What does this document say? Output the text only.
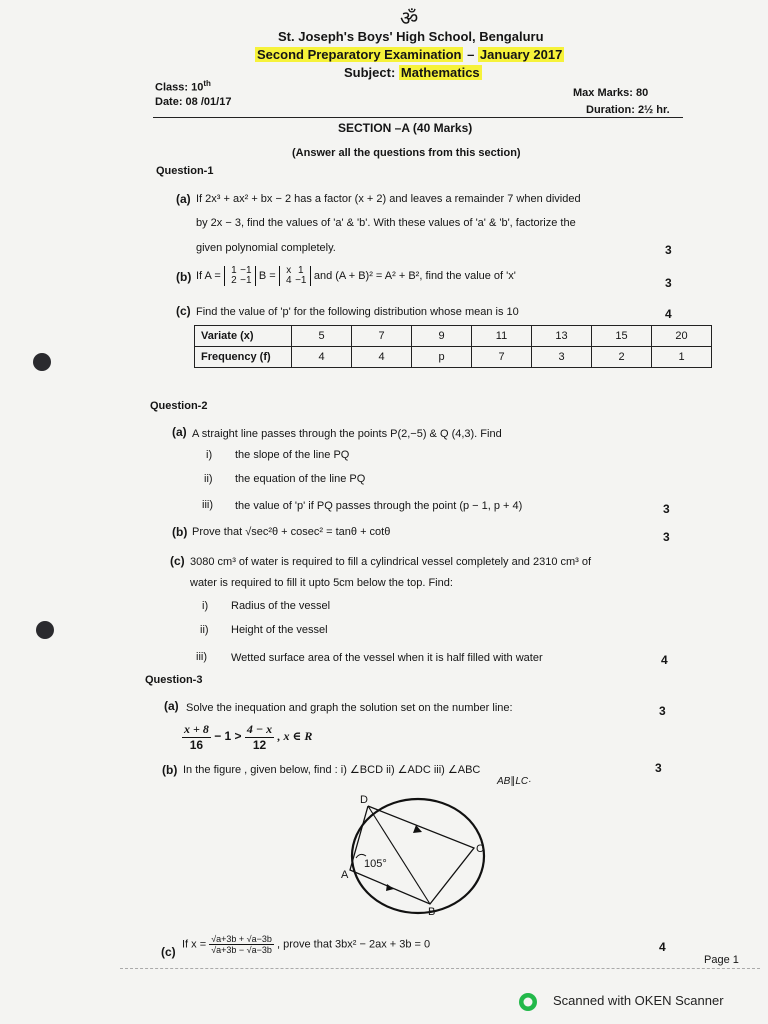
ॐ
St. Joseph's Boys' High School, Bengaluru
Second Preparatory Examination – January 2017
Subject: Mathematics
Class: 10th
Date: 08 /01/17
Max Marks: 80
Duration: 2½ hr.
SECTION –A (40 Marks)
(Answer all the questions from this section)
Question-1
(a) If 2x³ + ax² + bx − 2 has a factor (x + 2) and leaves a remainder 7 when divided
by 2x − 3, find the values of 'a' & 'b'. With these values of 'a' & 'b', factorize the
given polynomial completely.	3
(b) If A = 1 −1
2 −1 B = x 1
4 −1 and (A + B)² = A² + B², find the value of 'x'	3
(c) Find the value of 'p' for the following distribution whose mean is 10	4
Variate (x)	5	7	9	11	13	15	20
Frequency (f)	4	4	p	7	3	2	1
Question-2
(a) A straight line passes through the points P(2,−5) & Q (4,3). Find
i) the slope of the line PQ
ii) the equation of the line PQ
iii) the value of 'p' if PQ passes through the point (p − 1, p + 4)	3
(b) Prove that √sec²θ + cosec² = tanθ + cotθ	3
(c) 3080 cm³ of water is required to fill a cylindrical vessel completely and 2310 cm³ of
water is required to fill it upto 5cm below the top. Find:
i) Radius of the vessel
ii) Height of the vessel
iii) Wetted surface area of the vessel when it is half filled with water	4
Question-3
(a) Solve the inequation and graph the solution set on the number line:	3
$\frac{x + 8}{16} - 1 > \frac{4 - x}{12}$ , x ∈ R
(b) In the figure , given below, find : i) ∠BCD ii) ∠ADC iii) ∠ABC
AB∥LC·
3
D
C
A
B
105°
(c)
If $x = \frac{√a+3b + √a-3b}{√a+3b - √a-3b}$ , prove that 3bx² − 2ax + 3b = 0	4
Page 1
Scanned with OKEN Scanner
